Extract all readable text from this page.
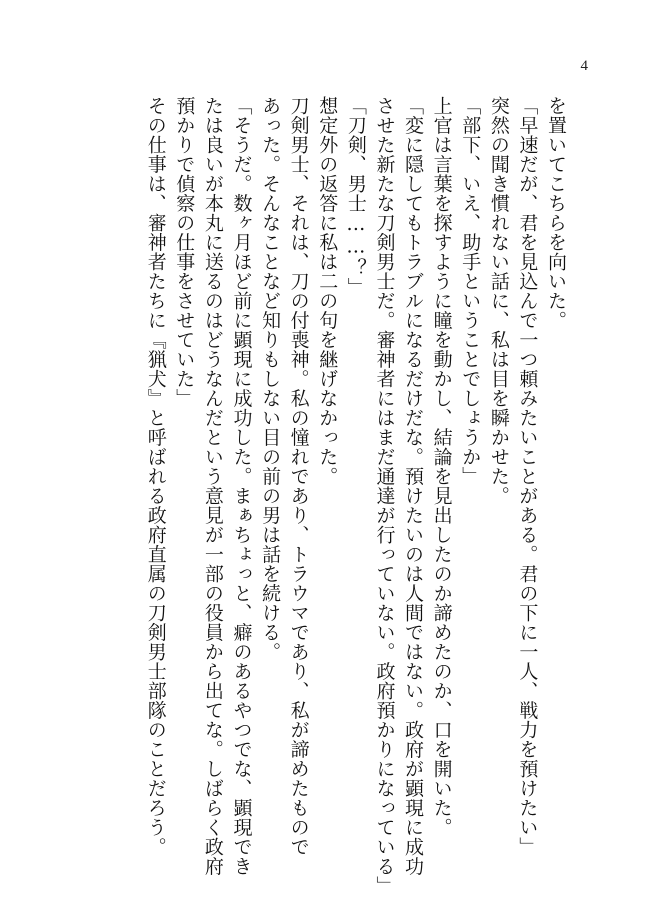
4
を置いてこちらを向いた。
「早速だが、君を見込んで一つ頼みたいことがある。君の下に一人、戦力を預けたい」
突然の聞き慣れない話に、私は目を瞬かせた。
「部下、いえ、助手ということでしょうか」
上官は言葉を探すように瞳を動かし、結論を見出したのか諦めたのか、口を開いた。
「変に隠してもトラブルになるだけだな。預けたいのは人間ではない。政府が顕現に成功
させた新たな刀剣男士だ。審神者にはまだ通達が行っていない。政府預かりになっている」
「刀剣、男士……？」
想定外の返答に私は二の句を継げなかった。
刀剣男士、それは、刀の付喪神。私の憧れであり、トラウマであり、私が諦めたもので
あった。そんなことなど知りもしない目の前の男は話を続ける。
「そうだ。数ヶ月ほど前に顕現に成功した。まぁちょっと、癖のあるやつでな、顕現でき
たは良いが本丸に送るのはどうなんだという意見が一部の役員から出てな。しばらく政府
預かりで偵察の仕事をさせていた」
その仕事は、審神者たちに『猟犬』と呼ばれる政府直属の刀剣男士部隊のことだろう。
